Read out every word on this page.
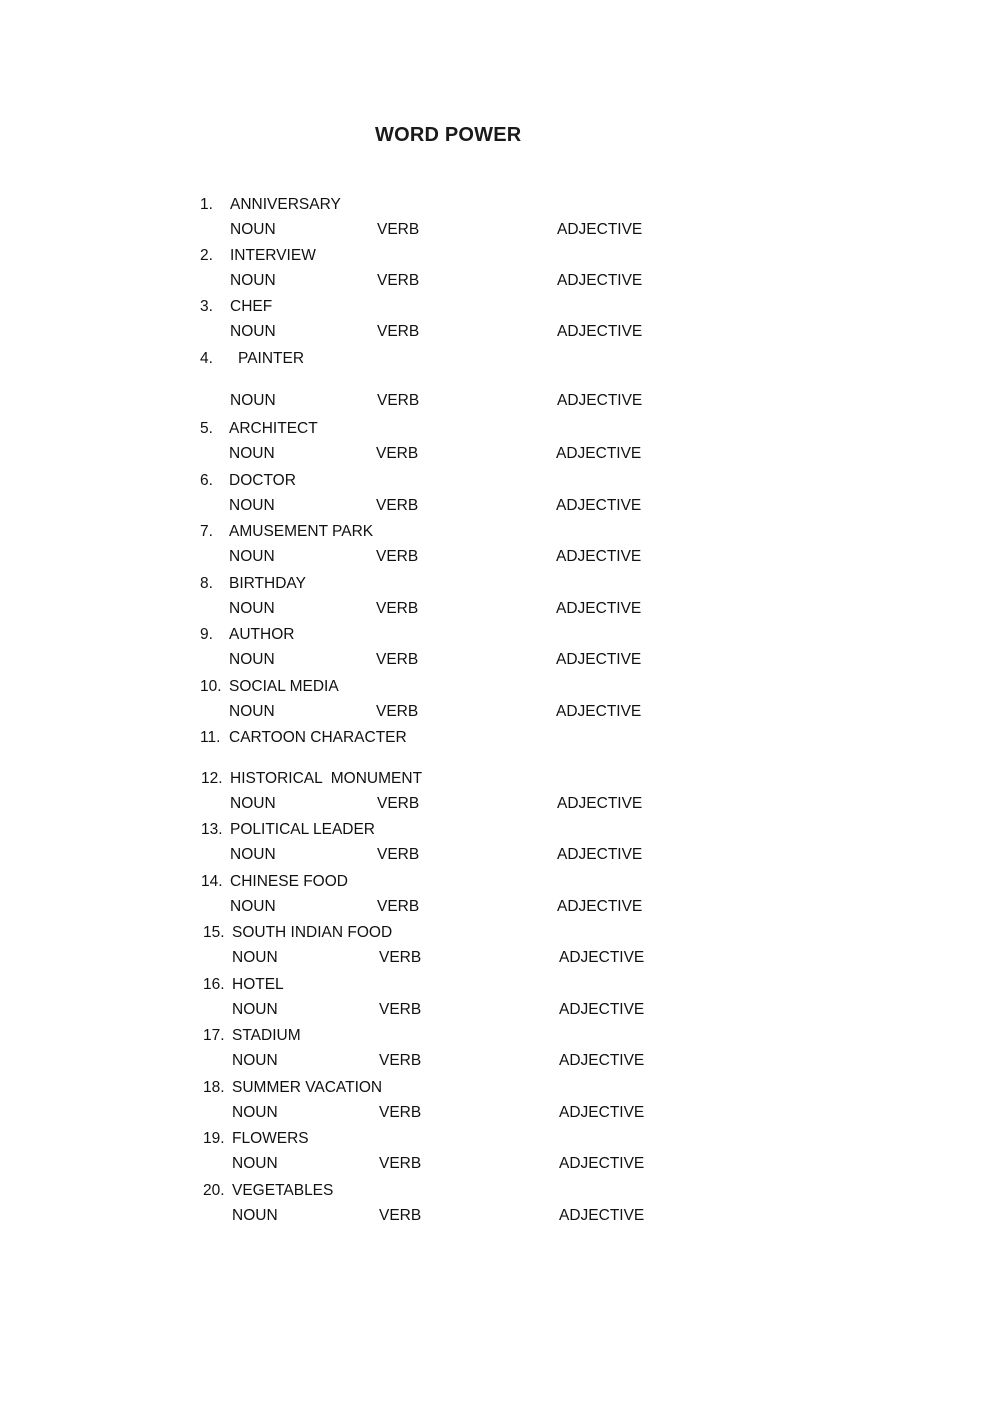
WORD POWER
1. ANNIVERSARY
NOUN	VERB	ADJECTIVE
2. INTERVIEW
NOUN	VERB	ADJECTIVE
3. CHEF
NOUN	VERB	ADJECTIVE
4. PAINTER
NOUN	VERB	ADJECTIVE
5. ARCHITECT
NOUN	VERB	ADJECTIVE
6. DOCTOR
NOUN	VERB	ADJECTIVE
7. AMUSEMENT PARK
NOUN	VERB	ADJECTIVE
8. BIRTHDAY
NOUN	VERB	ADJECTIVE
9. AUTHOR
NOUN	VERB	ADJECTIVE
10. SOCIAL MEDIA
NOUN	VERB	ADJECTIVE
11. CARTOON CHARACTER
12. HISTORICAL  MONUMENT
NOUN	VERB	ADJECTIVE
13. POLITICAL LEADER
NOUN	VERB	ADJECTIVE
14. CHINESE FOOD
NOUN	VERB	ADJECTIVE
15. SOUTH INDIAN FOOD
NOUN	VERB	ADJECTIVE
16. HOTEL
NOUN	VERB	ADJECTIVE
17. STADIUM
NOUN	VERB	ADJECTIVE
18. SUMMER VACATION
NOUN	VERB	ADJECTIVE
19. FLOWERS
NOUN	VERB	ADJECTIVE
20. VEGETABLES
NOUN	VERB	ADJECTIVE
